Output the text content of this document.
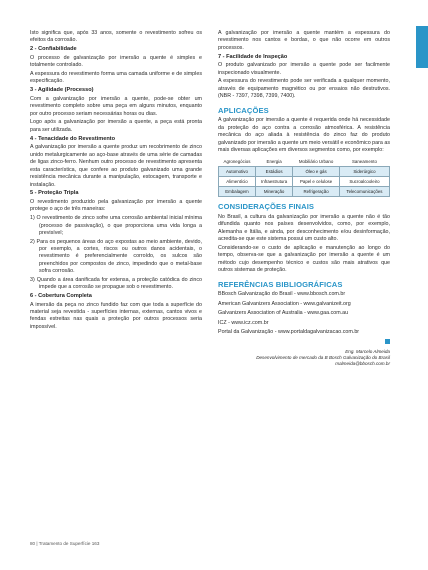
Isto significa que, após 33 anos, somente o revestimento sofreu os efeitos da corrosão.

2 - Confiabilidade

O processo de galvanização por imersão a quente é simples e totalmente controlado.

A espessura do revestimento forma uma camada uniforme e de simples especificação.

3 - Agilidade (Processo)

Com a galvanização por imersão a quente, pode-se obter um revestimento completo sobre uma peça em alguns minutos, enquanto por outro processo seriam necessárias horas ou dias.

Logo após a galvanização por imersão a quente, a peça está pronta para ser utilizada.

4 - Tenacidade do Revestimento

A galvanização por imersão a quente produz um recobrimento de zinco unido metalurgicamente ao aço-base através de uma série de camadas de ligas zinco-ferro. Nenhum outro processo de revestimento apresenta esta característica, que confere ao produto galvanizado uma grande resistência mecânica durante a manipulação, estocagem, transporte e instalação.

5 - Proteção Tripla

O revestimento produzido pela galvanização por imersão a quente protege o aço de três maneiras:

1) O revestimento de zinco sofre uma corrosão ambiental inicial mínima (processo de passivação), o que proporciona uma vida longa a previsível;
2) Para os pequenos áreas do aço expostas ao meio ambiente, devido, por exemplo, a cortes, riscos ou outros danos acidentais, o revestimento é preferencialmente corroído, os sulcos são preenchidos por compostos de zinco, impedindo que o metal-base sofra corrosão.
3) Quando a área danificada for extensa, a proteção catódica do zinco impede que a corrosão se propague sob o revestimento.
6 - Cobertura Completa

A imersão da peça no zinco fundido faz com que toda a superfície do material seja revestida - superfícies internas, externas, cantos vivos e fendas estreitas nas quais a proteção por outros processos seria impossível.

A galvanização por imersão a quente mantém a espessura do revestimento nos cantos e bordas, o que não ocorre em outros processos.

7 - Facilidade de Inspeção

O produto galvanizado por imersão a quente pode ser facilmente inspecionado visualmente.

A espessura do revestimento pode ser verificada a qualquer momento, através de equipamento magnético ou por ensaios não destrutivos. (NBR - 7397, 7398, 7399, 7400).

APLICAÇÕES

A galvanização por imersão a quente é requerida onde há necessidade da proteção do aço contra a corrosão atmosférica. A resistência mecânica do aço aliada à resistência do zinco faz do produto galvanizado por imersão a quente um meio versátil e econômico para as mais diversas aplicações em diversos segmentos como, por exemplo:

Agronegócios	Energia	Mobiliário Urbano	Saneamento
Automotivo	Estádios	Óleo e gás	Siderúrgico
Alimentício	Infraestrutura	Papel e celulose	Sucroalcooleiro
Embalagem	Mineração	Refrigeração	Telecomunicações
CONSIDERAÇÕES FINAIS

No Brasil, a cultura da galvanização por imersão a quente não é tão difundida quanto nos países desenvolvidos, como, por exemplo, Alemanha e Itália, e ainda, por desconhecimento e/ou desinformação, acredita-se que este sistema possui um custo alto.

Considerando-se o custo de aplicação e manutenção ao longo do tempo, observa-se que a galvanização por imersão a quente é um método cujo desempenho técnico e custos são mais atrativos que outros sistemas de proteção.

REFERÊNCIAS BIBLIOGRÁFICAS

BBosch Galvanização do Brasil - www.bbosch.com.br

American Galvanizers Association - www.galvanizeit.org

Galvanizers Association of Australia - www.gaa.com.au

ICZ - www.icz.com.br

Portal da Galvanização - www.portaldagalvanizacao.com.br

Eng. Marcelo Almeida
Desenvolvimento de mercado da B Bosch Galvanização do Brasil
malmeida@bbosch.com.br
80 | Tratamento de Superfície 163
